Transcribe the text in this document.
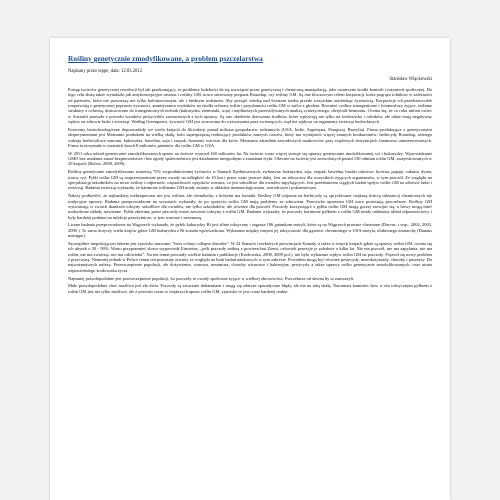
Rośliny genetycznie zmodyfikowane, a problem pszczelarstwa
Napisany przez ieppe, data: 12.03.2012
Stanisław Wiąckowski

Postęp twórców genetycznej rewolucji był tak przekonujący, że problemy ludzkości da się rozwiązać przez genetyczną i chemiczną manipulację, jako ostateczne środki kontroli i inżynierii społecznej. Do tego celu służą także wynalazki jak antykoncepcyjne rasiona i rośliny GM, nowo stosowany preparat Roundup, czy rośliny GM. Są one kluczowym celem korporacji, która pogrąża rolników w zależności od patentów, które nie przynoszą nie tylko kolonizowanym, ale i biednym rodzinom. Aby posiąść władzę nad światem trzeba przede wszystkim zawładnąć żywnością. Korporacje ich przedstawiciele rozprawiają o genetycznej poprawie żywności, zmniejszaniu wydatków na środki ochrony roślin i przydatności roślin GM w walce z głodem. Również, rośliny transgeniczne i fotomorfozy żyjące, roślinne struktury z ochroną, dostosowano do transgenicznych technik (kukurydza, ziemniaki, soja) i najdłuższych przewidywanych analizą syntetycznego, dietylodi-bentonitu. Ocenia się, że co roku milion owiec w Australii przeszło z powodu wyników pestycydów zastawionych z tych uprawy. Są one obiektem dotowania środków, które wpływają nie tylko na środowisko i rolników, ale także mają negatywny wpływ na zdrowie ludzi i zwierząt. Według Greenpeace, żywność GM jest stosowana do wytwarzania pasz zwierzęcych, stąd też wpływa na organizmy zwierząt hodowlanych.

Koncerny biotechnologiczne doprowadziły we wielu krajach do likwidacji ponad miliona gospodarstw rodzinnych (USA, Indie, Argentyna, Paragwaj, Brazylia). Firma produkująca z genetycznymi eksperymentami jest Monsanto produkent na wielką skalę, koło superpotężną realizujący produktów naszych czasów, który ma wydajność więcej znanych konkurentów: herbicydy Roundup, różnego rodzaju herbicydowe nasiona, kukurydza, bawełna, soja i rzepak, hormony wzrostu dla krów. Monsanto zatrudnia zawodowych naukowców przy rządowych instytucjach finansowo zainteresowanych. Firma ta otrzymała w ostatnich latach 8 milionów patentów dla roślin GM w USA.

W 2011 roku udział genetycznie zmodyfikowanych upraw na świecie wynosił 160 milionów ha. Na świecie coraz więcej stosuje się uprawy genetycznie modyfikowanej soi i kukurydzy. Wprowadzanie GMO bez ustalania zasad bezpieczeństwa i bez zgody społeczeństwa jest działaniem niezgodnym z zasadami etyki. Obecnie na świecie jest zezwolonych ponad 150 odmian roślin GM, zarejestrowanych w 29 krajach (Rolow, 2008, 2009).

Rośliny genetycznie zmodyfikowane stanowią 75% wyprodukowanej żywności w Stanach Zjednoczonych, zwłaszcza: kukurydza, soja, rzepak, bawełna, buraki cukrowe, lucerna, papaja, cukinia, dynia, trawa, ryż. Pyłki roślin GM są rozprzestrzeniane przez owady na odległość do 10 km i przez wiatr jeszcze dalej. Jest on toksyczny dla wszystkich żyjących organizmów, w tym pszczół. Ze względu na specjalizację szkodników na nowe rośliny i odporność, częstotliwość oprysków wzrasta, co jest szkodliwe dla owadów zapylających. Jest przedmiotem ciągłych badań wpływ roślin GM na zdrowie ludzi i zwierząt. Badania zwierząt wykazały, że karmione roślinami GM miały zmiany w układzie immunologicznym, rozrodczym i pokarmowym.

Należy podkreślić, że najbardziej niebezpieczna nie jest roślina, ale chemikalia, z którymi ma kontakt. Rośliny GM odporne na herbicydy są opryskiwane większą ilością substancji chemicznych niż tradycyjne uprawy. Badania przeprowadzone na szczurach wykazały, że po spożyciu roślin GM mają problemy ze zdrowiem. Przeciwko uprawom GM ostro protestują pszczelarze. Rośliny GM wytwarzają w swoich tkankach toksyny szkodliwe dla owadów, nie tylko szkodników, ale również dla pszczół. Pszczoły korzystające z pyłku roślin GM mogą gorzej rozwijać się, a larwy mogą mieć uszkodzone układy trawienne. Pyłek zbierany przez pszczoły może zawierać toksyny z roślin GM. Badania wykazały, że pszczoły karmione pyłkiem z roślin GM miały osłabiony układ odpornościowy i były bardziej podatne na infekcje pasożytnicze, w tym warroze i nosemozę.

Liczne badania przeprowadzone na Węgrzech wykazały, że pyłek kukurydzy Bt jest silnie toksyczny i zagraża 186 gatunkom motyli, które są na Węgrzech prawnie chronione (Darvas, i wsp., 2002, 2003, 2006 ). To samo dotyczy wielu krajów gdzie GM kukurydza z Bt została wprowadzona. Wykazano między innymi jej toksyczność dla gąsienic chronionego w USA motyla, ulubionego monarchy (Danaus menippe).

Szczególnie niepokojącym faktem jest zjawisko nazwane: "bees colony collapse disorder". W 24 Stanach i niektórych prowincjach Kanady, a także w innych krajach gdzie są uprawy roślin GM, ocenia się ich ubytek o 50 - 90%. Warto przypomnieć słowa wypowiedź Einsteina, „jeśli pszczoły znikną z powierzchni Ziemi, człowiek przeżyje je zaledwie o kilka lat. Nie ma pszczół, nie ma zapylania, nie ma roślin, nie ma zwierząt, nie ma człowieka”. Na ten temat powstały wielkie badania i publikacje (Kozłowska, 2008, 2009 pol.), nie było wykazane wpływ roślin GM na pszczoły. Pojawił się nowy problem z przyczyną. Niemniej jednak w Polsce temat ten pozostaje otwarty ze względu na brak badań naukowych w tym zakresie. Powodem mogą być również pestycydy, neonikotynoidy, choroby i pasożyty. Do najważniejszych należą: Przeszczepienie populacji, złe dożywienie, warroza, nosemoza, choroby wirusowe i bakteryjne, pestycydy a także uprawy roślin genetycznie zmodyfikowanych, oraz utrata odpowiedniego środowiska życia.

Najmniej prawdopodobne jest przeszczepienie populacji, bo pszczoły to owady społeczne żyjące w wielkiej zbiorowości. Pszczelarze od dawna by to zauważyli.

Mało prawdopodobne choć możliwa jest zła dieta. Pszczoły są sztucznie dokarmiane i mogą się zdarzać sporadyczne błędy, ale nie na taką skalę. Natomiast kaminiec larw w ulu toksycznym pyłkiem z roślin GM jest nie tylko możliwe, ale z powodu coraz to większych upraw roślin GM, zjawisko to jest coraz bardziej realne.
